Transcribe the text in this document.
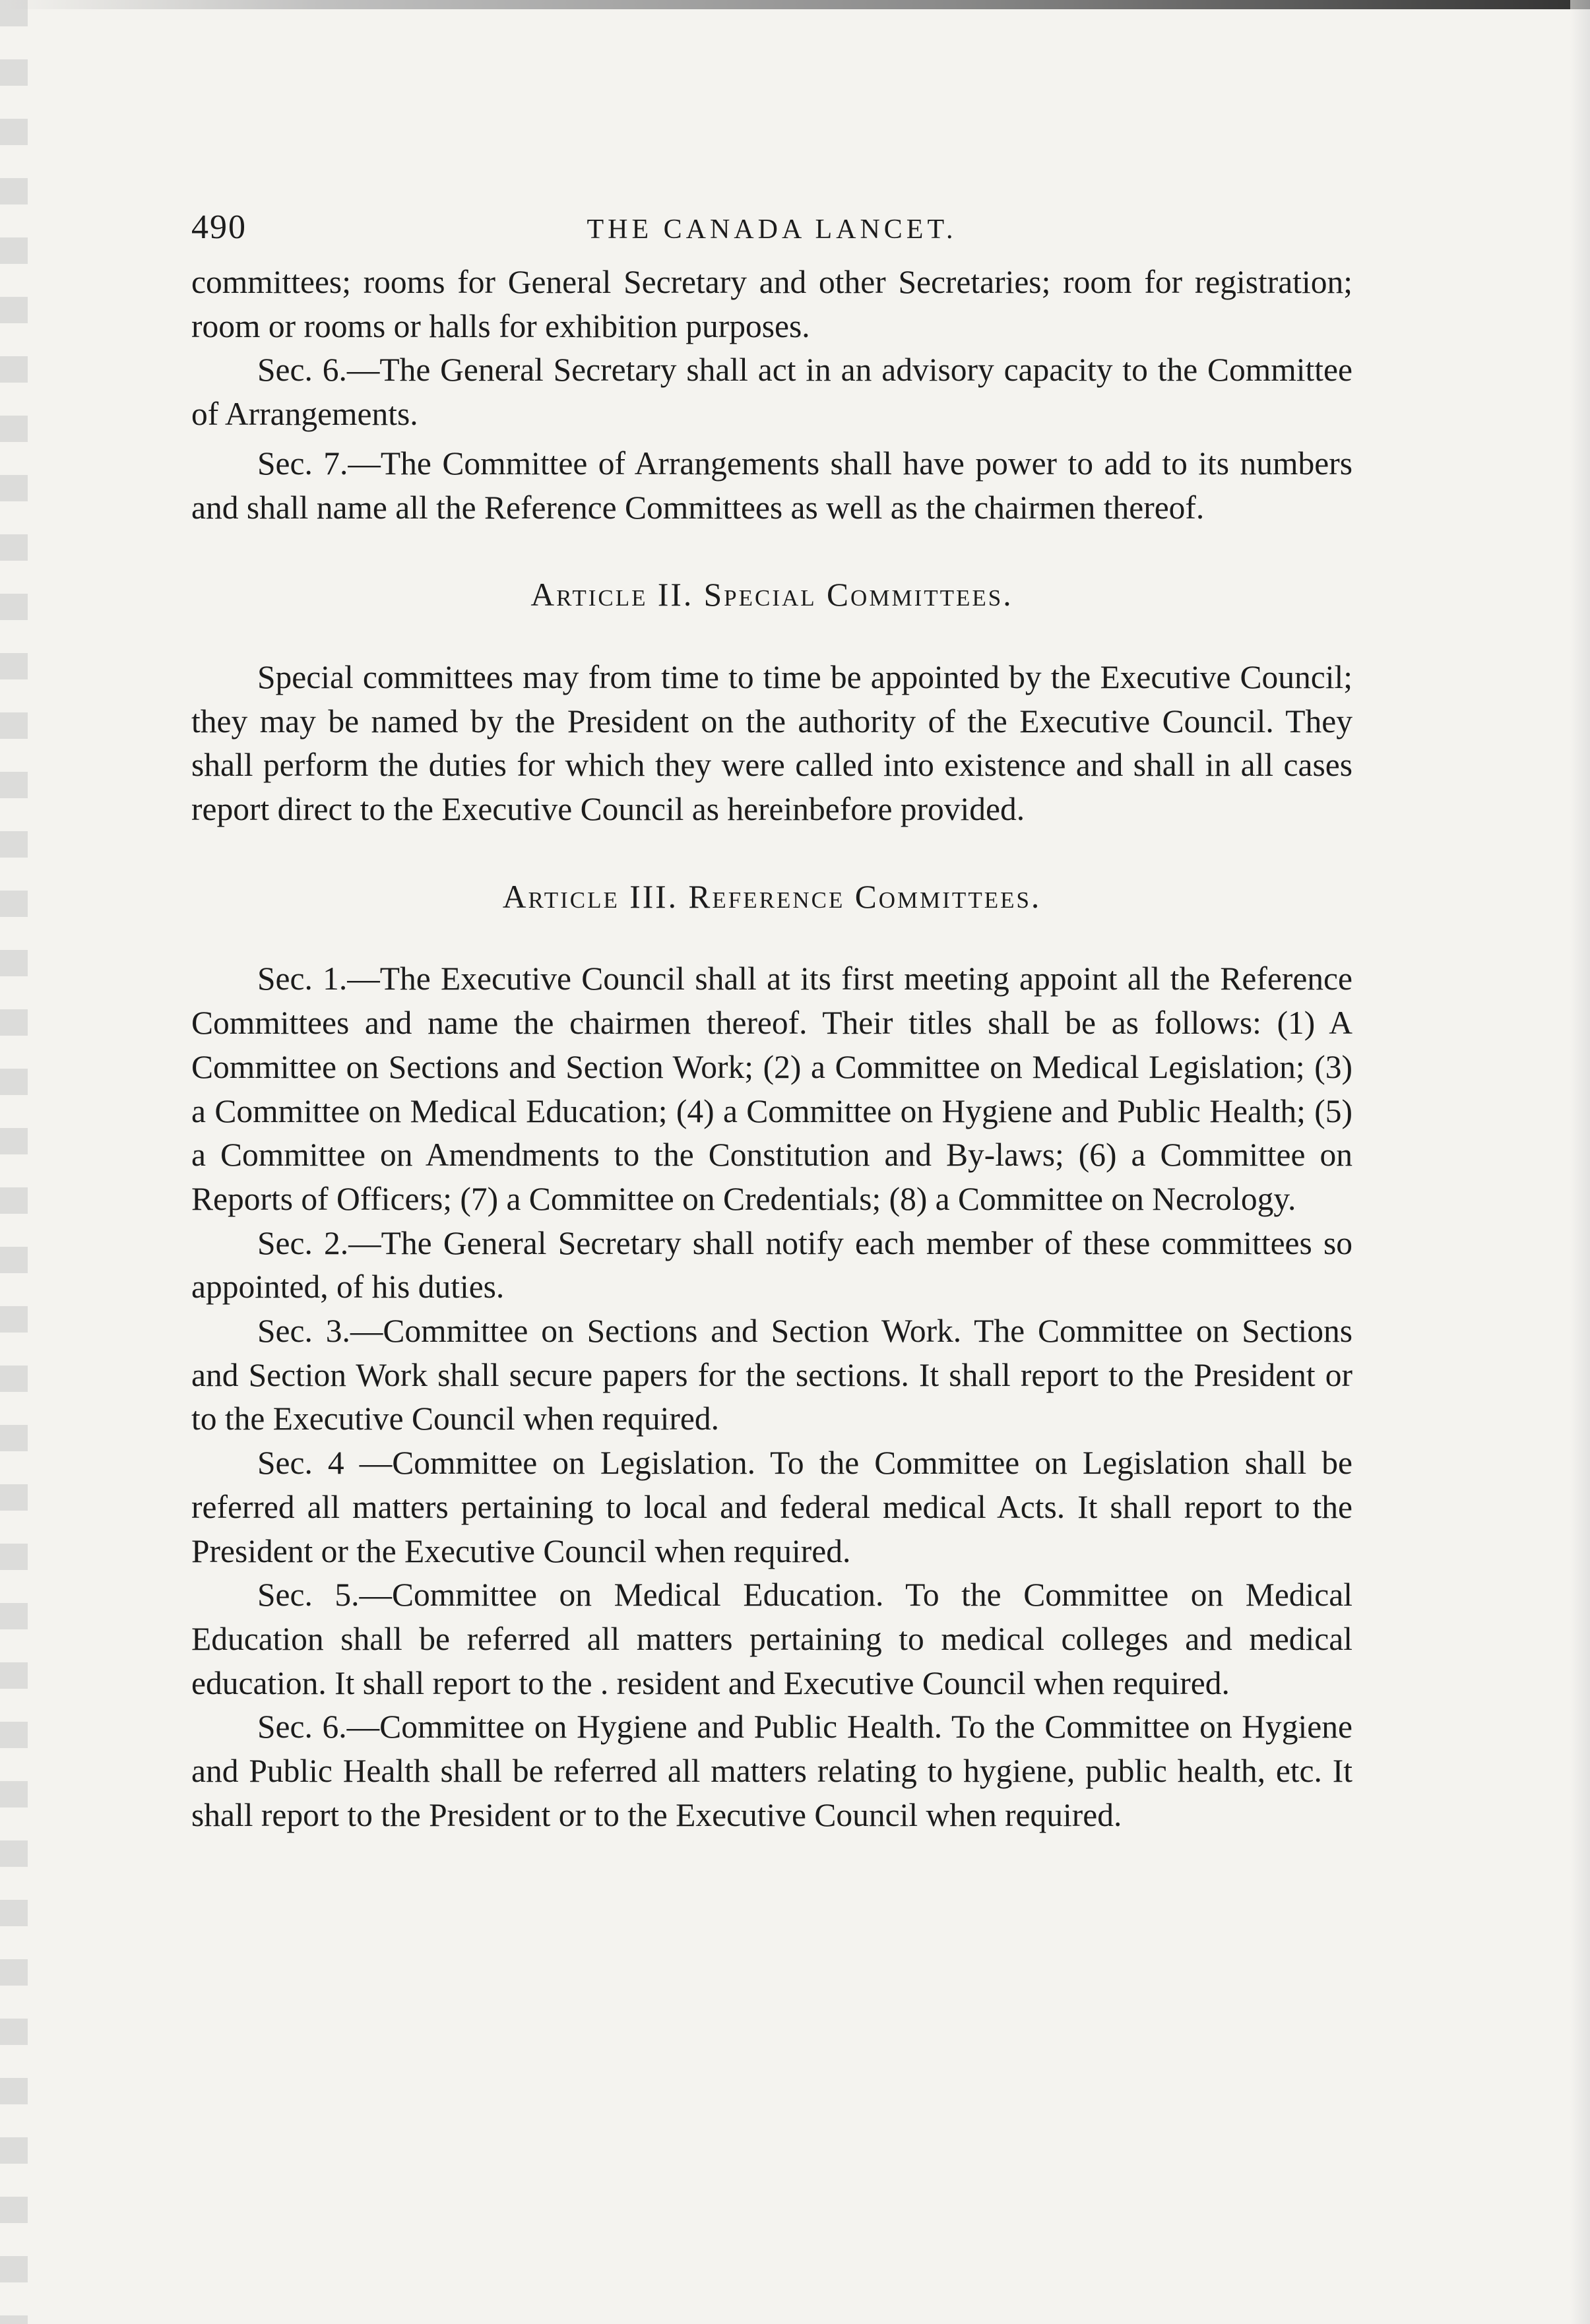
490	THE CANADA LANCET.

committees; rooms for General Secretary and other Secretaries; room for registration; room or rooms or halls for exhibition purposes.

Sec. 6.—The General Secretary shall act in an advisory capacity to the Committee of Arrangements.

Sec. 7.—The Committee of Arrangements shall have power to add to its numbers and shall name all the Reference Committees as well as the chairmen thereof.

Article II. Special Committees.

Special committees may from time to time be appointed by the Executive Council; they may be named by the President on the authority of the Executive Council. They shall perform the duties for which they were called into existence and shall in all cases report direct to the Executive Council as hereinbefore provided.

Article III. Reference Committees.

Sec. 1.—The Executive Council shall at its first meeting appoint all the Reference Committees and name the chairmen thereof. Their titles shall be as follows: (1) A Committee on Sections and Section Work; (2) a Committee on Medical Legislation; (3) a Committee on Medical Education; (4) a Committee on Hygiene and Public Health; (5) a Committee on Amendments to the Constitution and By-laws; (6) a Committee on Reports of Officers; (7) a Committee on Credentials; (8) a Committee on Necrology.

Sec. 2.—The General Secretary shall notify each member of these committees so appointed, of his duties.

Sec. 3.—Committee on Sections and Section Work. The Committee on Sections and Section Work shall secure papers for the sections. It shall report to the President or to the Executive Council when required.

Sec. 4 —Committee on Legislation. To the Committee on Legislation shall be referred all matters pertaining to local and federal medical Acts. It shall report to the President or the Executive Council when required.

Sec. 5.—Committee on Medical Education. To the Committee on Medical Education shall be referred all matters pertaining to medical colleges and medical education. It shall report to the . resident and Executive Council when required.

Sec. 6.—Committee on Hygiene and Public Health. To the Committee on Hygiene and Public Health shall be referred all matters relating to hygiene, public health, etc. It shall report to the President or to the Executive Council when required.
